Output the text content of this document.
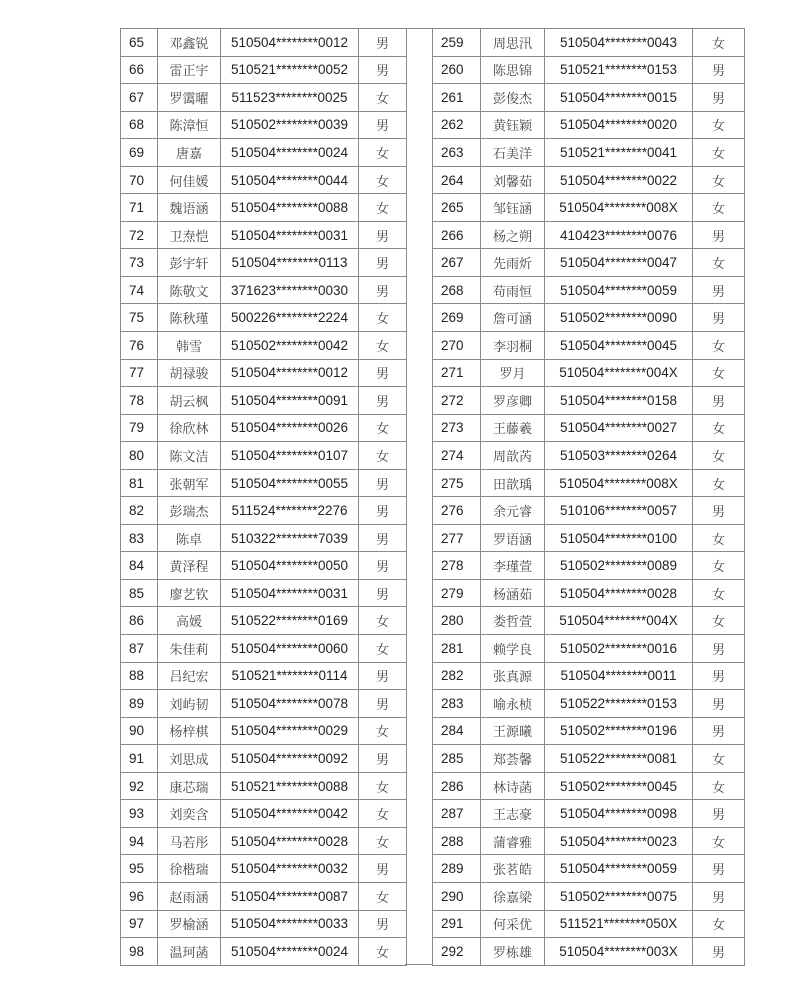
65	邓鑫锐	510504********0012	男
66	雷正宇	510521********0052	男
67	罗霭曜	511523********0025	女
68	陈漳恒	510502********0039	男
69	唐嘉	510504********0024	女
70	何佳媛	510504********0044	女
71	魏语涵	510504********0088	女
72	卫焘恺	510504********0031	男
73	彭宇轩	510504********0113	男
74	陈敬文	371623********0030	男
75	陈秋瑾	500226********2224	女
76	韩雪	510502********0042	女
77	胡禄骏	510504********0012	男
78	胡云枫	510504********0091	男
79	徐欣林	510504********0026	女
80	陈文洁	510504********0107	女
81	张朝军	510504********0055	男
82	彭瑞杰	511524********2276	男
83	陈卓	510322********7039	男
84	黄泽程	510504********0050	男
85	廖艺钦	510504********0031	男
86	高媛	510522********0169	女
87	朱佳莉	510504********0060	女
88	吕纪宏	510521********0114	男
89	刘屿韧	510504********0078	男
90	杨梓棋	510504********0029	女
91	刘思成	510504********0092	男
92	康芯瑞	510521********0088	女
93	刘奕含	510504********0042	女
94	马若彤	510504********0028	女
95	徐楷瑞	510504********0032	男
96	赵雨涵	510504********0087	女
97	罗榆涵	510504********0033	男
98	温珂菡	510504********0024	女
259	周思汛	510504********0043	女
260	陈思锦	510521********0153	男
261	彭俊杰	510504********0015	男
262	黄钰颖	510504********0020	女
263	石美洋	510521********0041	女
264	刘馨茹	510504********0022	女
265	邹钰涵	510504********008X	女
266	杨之朔	410423********0076	男
267	先雨炘	510504********0047	女
268	苟雨恒	510504********0059	男
269	詹可涵	510502********0090	男
270	李羽桐	510504********0045	女
271	罗月	510504********004X	女
272	罗彦卿	510504********0158	男
273	王藤羲	510504********0027	女
274	周歆芮	510503********0264	女
275	田歆瑀	510504********008X	女
276	余元睿	510106********0057	男
277	罗语涵	510504********0100	女
278	李瑾萱	510502********0089	女
279	杨涵茹	510504********0028	女
280	娄哲萱	510504********004X	女
281	赖学良	510502********0016	男
282	张真源	510504********0011	男
283	喻永桢	510522********0153	男
284	王源曦	510502********0196	男
285	郑荟馨	510522********0081	女
286	林诗菡	510502********0045	女
287	王志豪	510504********0098	男
288	蒲睿雅	510504********0023	女
289	张茗皓	510504********0059	男
290	徐嘉梁	510502********0075	男
291	何采优	511521********050X	女
292	罗栋雄	510504********003X	男
